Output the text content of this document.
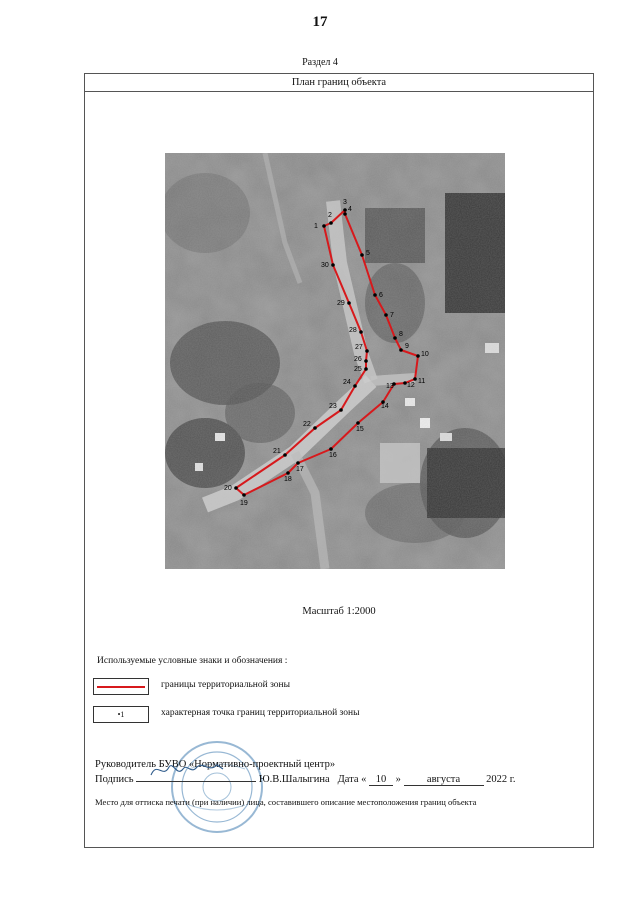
17
Раздел 4
План границ объекта
1
2
3
4
5
6
7
8
9
10
11
12
13
14
15
16
17
18
19
20
21
22
23
24
25
26
27
28
29
30
Масштаб 1:2000
Используемые условные знаки и обозначения :
границы территориальной зоны
•1	характерная точка границ территориальной зоны
Руководитель БУВО «Нормативно-проектный центр»
Подпись	Ю.В.Шалыгина Дата « 10 » августа 2022 г.
Место для оттиска печати (при наличии) лица, составившего описание местоположения границ объекта
